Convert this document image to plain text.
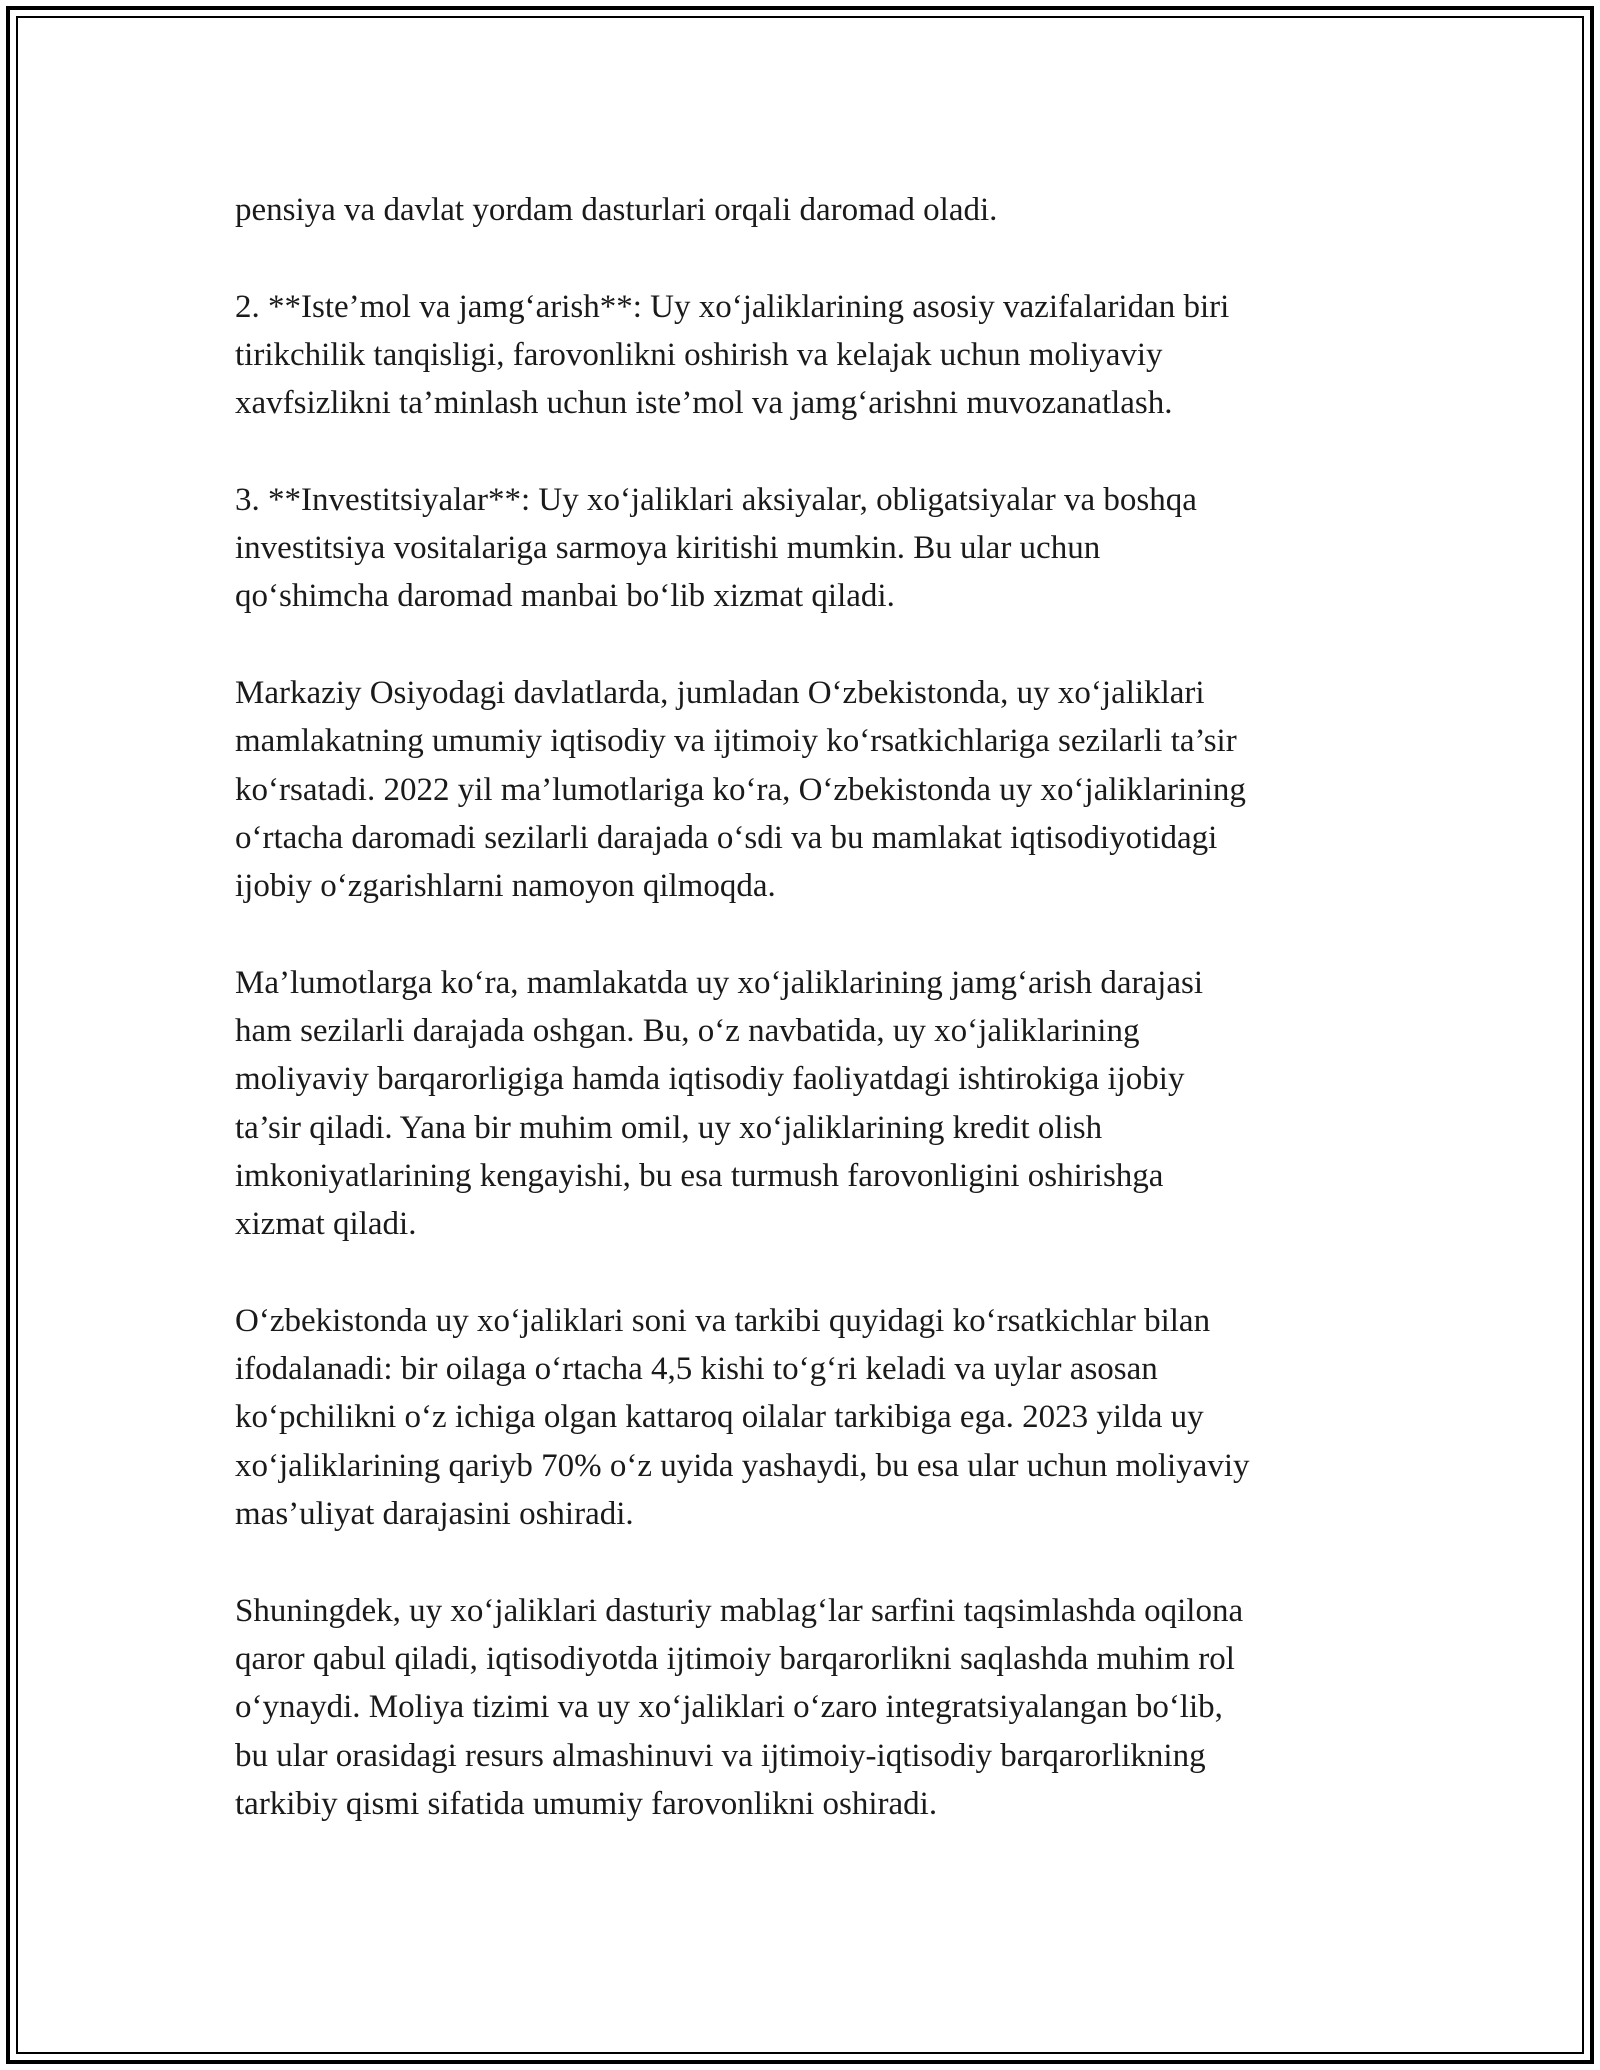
pensiya va davlat yordam dasturlari orqali daromad oladi.

2. **Iste’mol va jamg‘arish**: Uy xo‘jaliklarining asosiy vazifalaridan biri
tirikchilik tanqisligi, farovonlikni oshirish va kelajak uchun moliyaviy
xavfsizlikni ta’minlash uchun iste’mol va jamg‘arishni muvozanatlash.

3. **Investitsiyalar**: Uy xo‘jaliklari aksiyalar, obligatsiyalar va boshqa
investitsiya vositalariga sarmoya kiritishi mumkin. Bu ular uchun
qo‘shimcha daromad manbai bo‘lib xizmat qiladi.

Markaziy Osiyodagi davlatlarda, jumladan O‘zbekistonda, uy xo‘jaliklari
mamlakatning umumiy iqtisodiy va ijtimoiy ko‘rsatkichlariga sezilarli ta’sir
ko‘rsatadi. 2022 yil ma’lumotlariga ko‘ra, O‘zbekistonda uy xo‘jaliklarining
o‘rtacha daromadi sezilarli darajada o‘sdi va bu mamlakat iqtisodiyotidagi
ijobiy o‘zgarishlarni namoyon qilmoqda.

Ma’lumotlarga ko‘ra, mamlakatda uy xo‘jaliklarining jamg‘arish darajasi
ham sezilarli darajada oshgan. Bu, o‘z navbatida, uy xo‘jaliklarining
moliyaviy barqarorligiga hamda iqtisodiy faoliyatdagi ishtirokiga ijobiy
ta’sir qiladi. Yana bir muhim omil, uy xo‘jaliklarining kredit olish
imkoniyatlarining kengayishi, bu esa turmush farovonligini oshirishga
xizmat qiladi.

O‘zbekistonda uy xo‘jaliklari soni va tarkibi quyidagi ko‘rsatkichlar bilan
ifodalanadi: bir oilaga o‘rtacha 4,5 kishi to‘g‘ri keladi va uylar asosan
ko‘pchilikni o‘z ichiga olgan kattaroq oilalar tarkibiga ega. 2023 yilda uy
xo‘jaliklarining qariyb 70% o‘z uyida yashaydi, bu esa ular uchun moliyaviy
mas’uliyat darajasini oshiradi.

Shuningdek, uy xo‘jaliklari dasturiy mablag‘lar sarfini taqsimlashda oqilona
qaror qabul qiladi, iqtisodiyotda ijtimoiy barqarorlikni saqlashda muhim rol
o‘ynaydi. Moliya tizimi va uy xo‘jaliklari o‘zaro integratsiyalangan bo‘lib,
bu ular orasidagi resurs almashinuvi va ijtimoiy-iqtisodiy barqarorlikning
tarkibiy qismi sifatida umumiy farovonlikni oshiradi.
